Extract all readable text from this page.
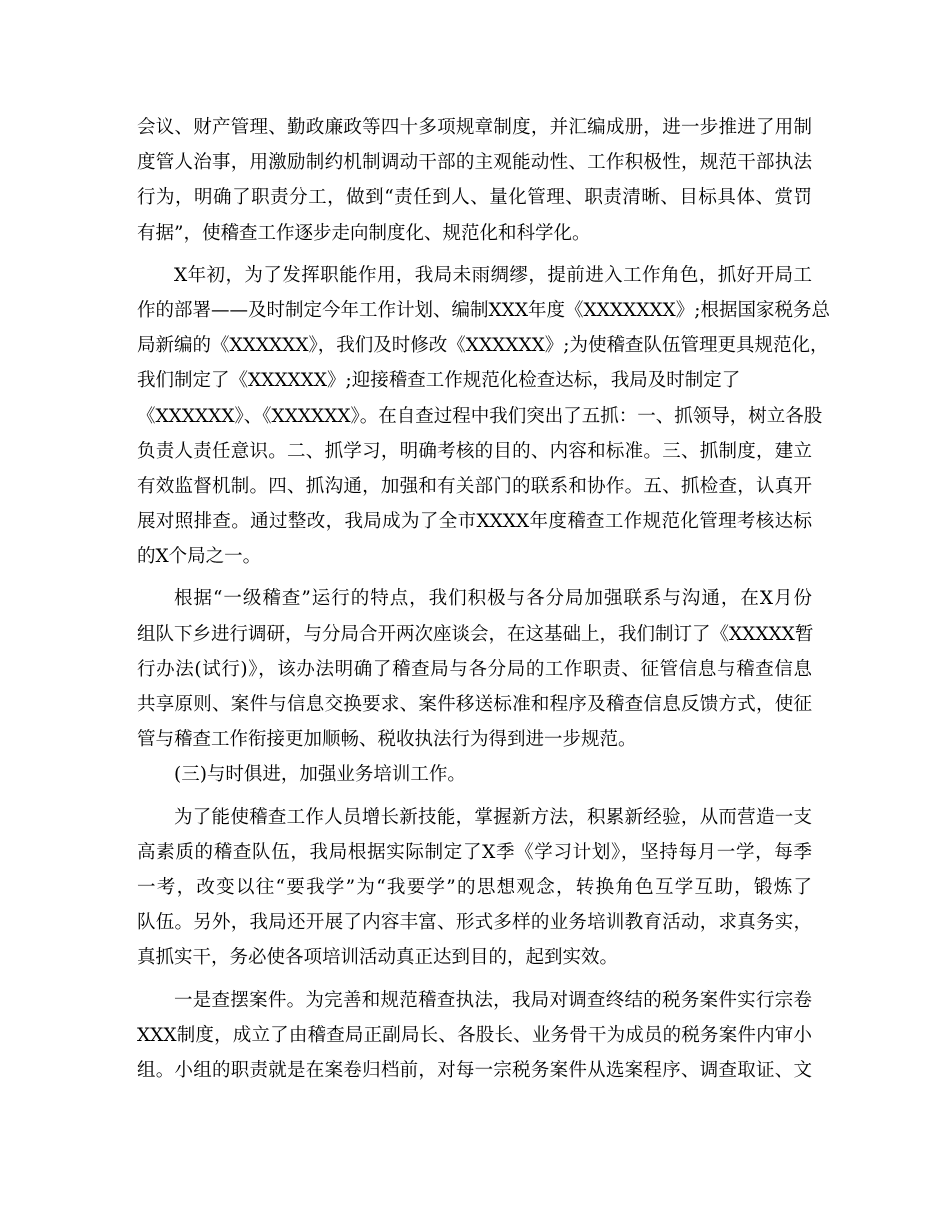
会议、财产管理、勤政廉政等四十多项规章制度，并汇编成册，进一步推进了用制
度管人治事，用激励制约机制调动干部的主观能动性、工作积极性，规范干部执法
行为，明确了职责分工，做到“责任到人、量化管理、职责清晰、目标具体、赏罚
有据”，使稽查工作逐步走向制度化、规范化和科学化。
X年初，为了发挥职能作用，我局未雨绸缪，提前进入工作角色，抓好开局工
作的部署——及时制定今年工作计划、编制XXX年度《XXXXXXX》;根据国家税务总
局新编的《XXXXXX》，我们及时修改《XXXXXX》;为使稽查队伍管理更具规范化，
我们制定了《XXXXXX》;迎接稽查工作规范化检查达标，我局及时制定了
《XXXXXX》、《XXXXXX》。在自查过程中我们突出了五抓：一、抓领导，树立各股
负责人责任意识。二、抓学习，明确考核的目的、内容和标准。三、抓制度，建立
有效监督机制。四、抓沟通，加强和有关部门的联系和协作。五、抓检查，认真开
展对照排查。通过整改，我局成为了全市XXXX年度稽查工作规范化管理考核达标
的X个局之一。
根据“一级稽查”运行的特点，我们积极与各分局加强联系与沟通，在X月份
组队下乡进行调研，与分局合开两次座谈会，在这基础上，我们制订了《XXXXX暂
行办法(试行)》，该办法明确了稽查局与各分局的工作职责、征管信息与稽查信息
共享原则、案件与信息交换要求、案件移送标准和程序及稽查信息反馈方式，使征
管与稽查工作衔接更加顺畅、税收执法行为得到进一步规范。
(三)与时俱进，加强业务培训工作。
为了能使稽查工作人员增长新技能，掌握新方法，积累新经验，从而营造一支
高素质的稽查队伍，我局根据实际制定了X季《学习计划》，坚持每月一学，每季
一考，改变以往“要我学”为“我要学”的思想观念，转换角色互学互助，锻炼了
队伍。另外，我局还开展了内容丰富、形式多样的业务培训教育活动，求真务实，
真抓实干，务必使各项培训活动真正达到目的，起到实效。
一是查摆案件。为完善和规范稽查执法，我局对调查终结的税务案件实行宗卷
XXX制度，成立了由稽查局正副局长、各股长、业务骨干为成员的税务案件内审小
组。小组的职责就是在案卷归档前，对每一宗税务案件从选案程序、调查取证、文
